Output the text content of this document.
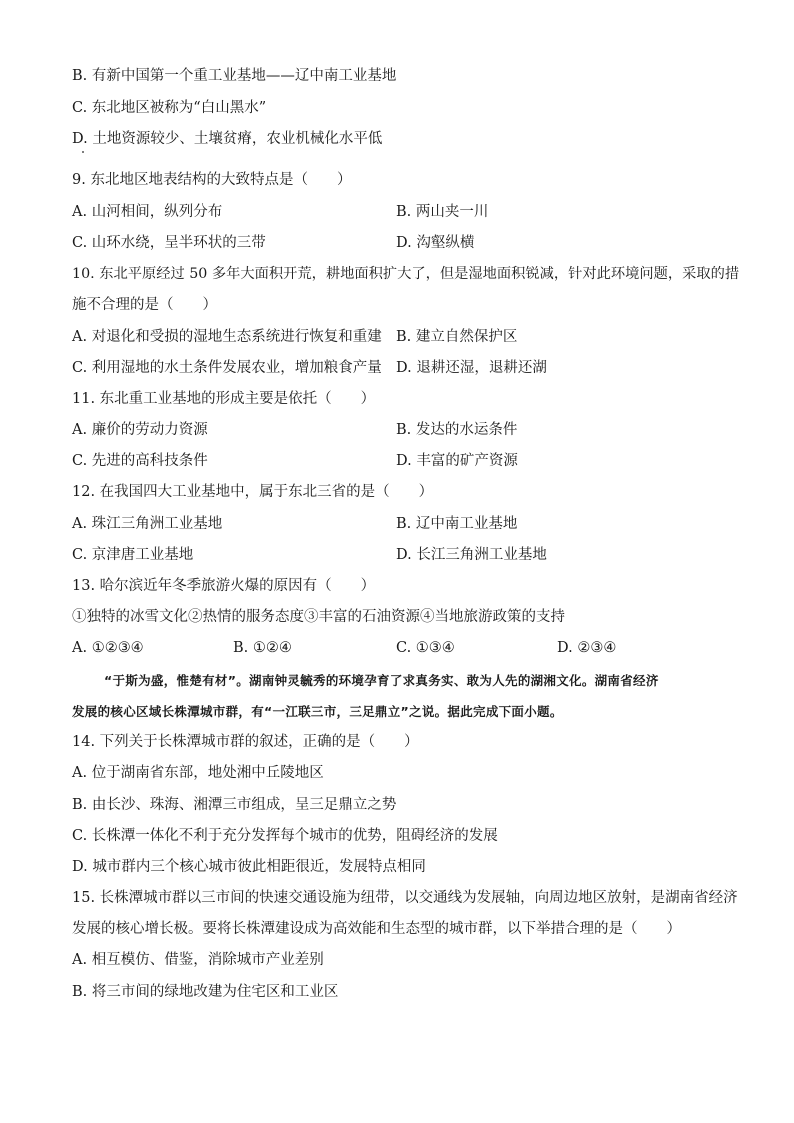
B. 有新中国第一个重工业基地——辽中南工业基地
C. 东北地区被称为“白山黑水”
D. 土地资源较少、土壤贫瘠，农业机械化水平低
9. 东北地区地表结构的大致特点是（　　）
A. 山河相间，纵列分布	B. 两山夹一川
C. 山环水绕，呈半环状的三带	D. 沟壑纵横
10. 东北平原经过 50 多年大面积开荒，耕地面积扩大了，但是湿地面积锐减，针对此环境问题，采取的措
施不合理的是（　　）
A. 对退化和受损的湿地生态系统进行恢复和重建 B. 建立自然保护区
C. 利用湿地的水土条件发展农业，增加粮食产量 D. 退耕还湿，退耕还湖
11. 东北重工业基地的形成主要是依托（　　）
A. 廉价的劳动力资源	B. 发达的水运条件
C. 先进的高科技条件	D. 丰富的矿产资源
12. 在我国四大工业基地中，属于东北三省的是（　　）
A. 珠江三角洲工业基地	B. 辽中南工业基地
C. 京津唐工业基地	D. 长江三角洲工业基地
13. 哈尔滨近年冬季旅游火爆的原因有（　　）
①独特的冰雪文化②热情的服务态度③丰富的石油资源④当地旅游政策的支持
A. ①②③④	B. ①②④	C. ①③④	D. ②③④
“于斯为盛，惟楚有材”。湖南钟灵毓秀的环境孕育了求真务实、敢为人先的湖湘文化。湖南省经济
发展的核心区域长株潭城市群，有“一江联三市，三足鼎立”之说。据此完成下面小题。
14. 下列关于长株潭城市群的叙述，正确的是（　　）
A. 位于湖南省东部，地处湘中丘陵地区
B. 由长沙、珠海、湘潭三市组成，呈三足鼎立之势
C. 长株潭一体化不利于充分发挥每个城市的优势，阻碍经济的发展
D. 城市群内三个核心城市彼此相距很近，发展特点相同
15. 长株潭城市群以三市间的快速交通设施为纽带，以交通线为发展轴，向周边地区放射，是湖南省经济
发展的核心增长极。要将长株潭建设成为高效能和生态型的城市群，以下举措合理的是（　　）
A. 相互模仿、借鉴，消除城市产业差别
B. 将三市间的绿地改建为住宅区和工业区
